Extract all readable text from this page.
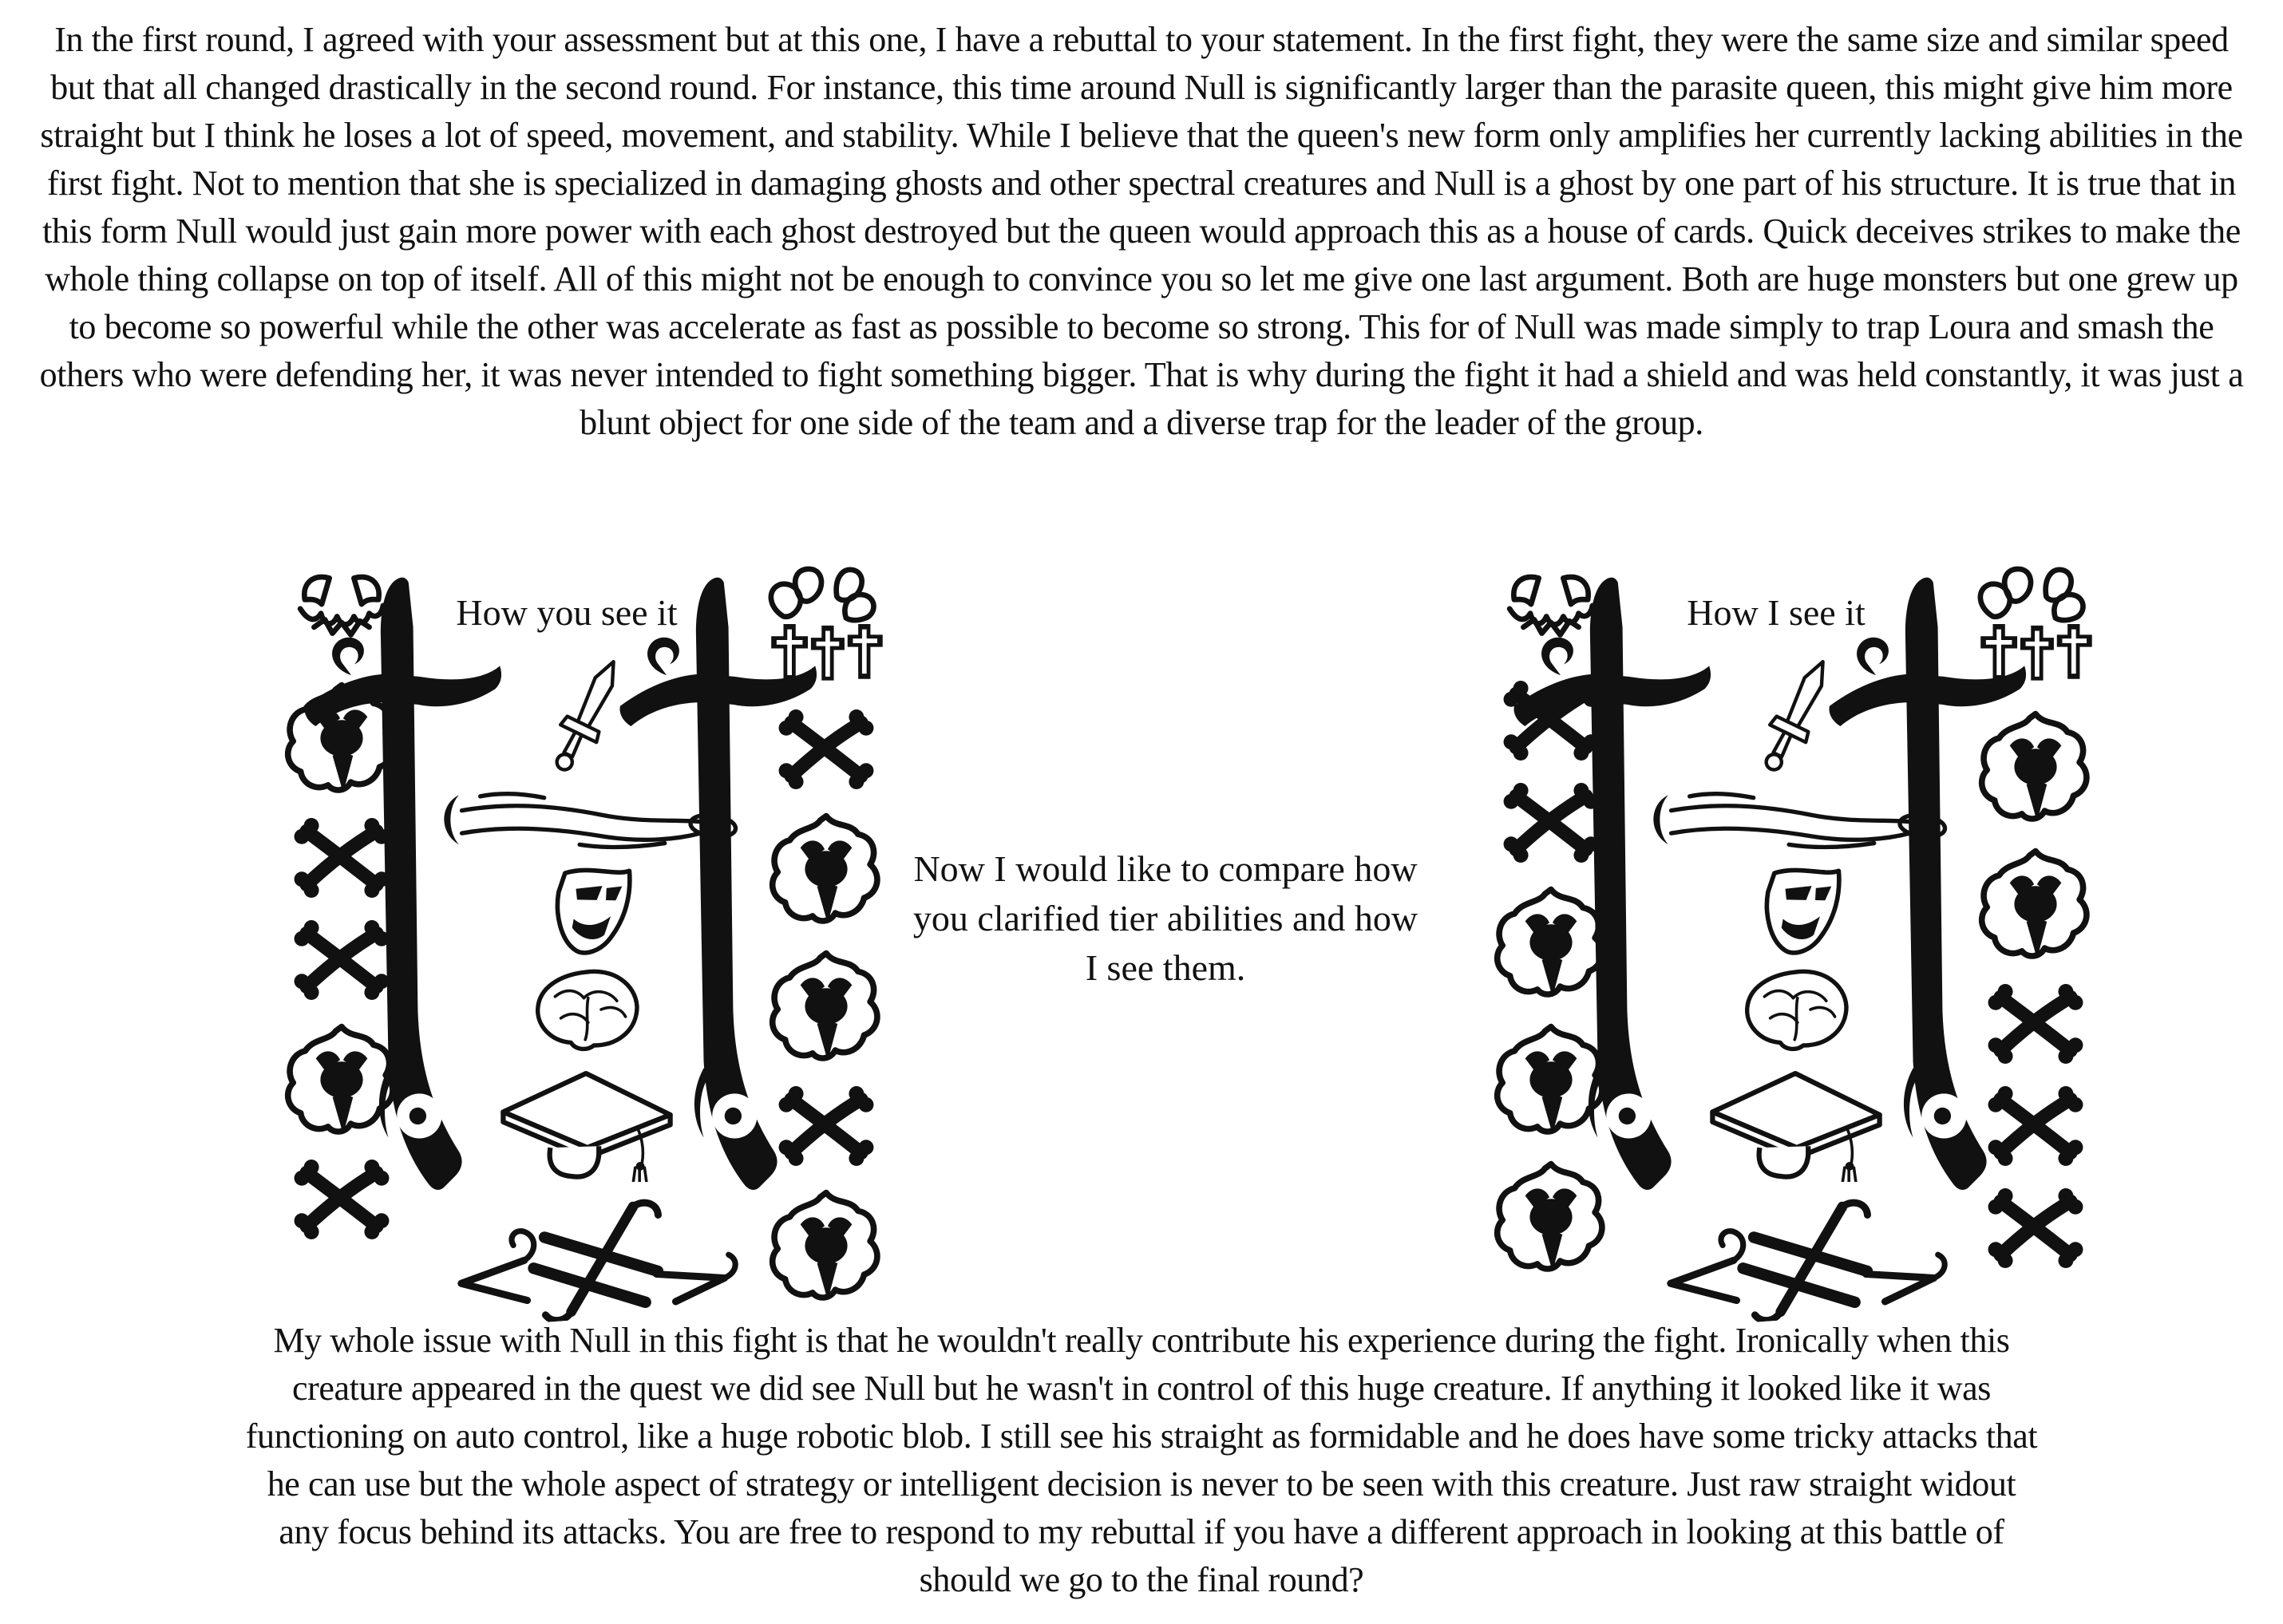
In the first round, I agreed with your assessment but at this one, I have a rebuttal to your statement. In the first fight, they were the same size and similar speed but that all changed drastically in the second round. For instance, this time around Null is significantly larger than the parasite queen, this might give him more straight but I think he loses a lot of speed, movement, and stability. While I believe that the queen's new form only amplifies her currently lacking abilities in the first fight. Not to mention that she is specialized in damaging ghosts and other spectral creatures and Null is a ghost by one part of his structure. It is true that in this form Null would just gain more power with each ghost destroyed but the queen would approach this as a house of cards. Quick deceives strikes to make the whole thing collapse on top of itself. All of this might not be enough to convince you so let me give one last argument. Both are huge monsters but one grew up to become so powerful while the other was accelerate as fast as possible to become so strong. This for of Null was made simply to trap Loura and smash the others who were defending her, it was never intended to fight something bigger. That is why during the fight it had a shield and was held constantly, it was just a blunt object for one side of the team and a diverse trap for the leader of the group.

How you see it

Now I would like to compare how you clarified tier abilities and how I see them.

How I see it

My whole issue with Null in this fight is that he wouldn't really contribute his experience during the fight. Ironically when this creature appeared in the quest we did see Null but he wasn't in control of this huge creature. If anything it looked like it was functioning on auto control, like a huge robotic blob. I still see his straight as formidable and he does have some tricky attacks that he can use but the whole aspect of strategy or intelligent decision is never to be seen with this creature. Just raw straight widout any focus behind its attacks. You are free to respond to my rebuttal if you have a different approach in looking at this battle of should we go to the final round?
